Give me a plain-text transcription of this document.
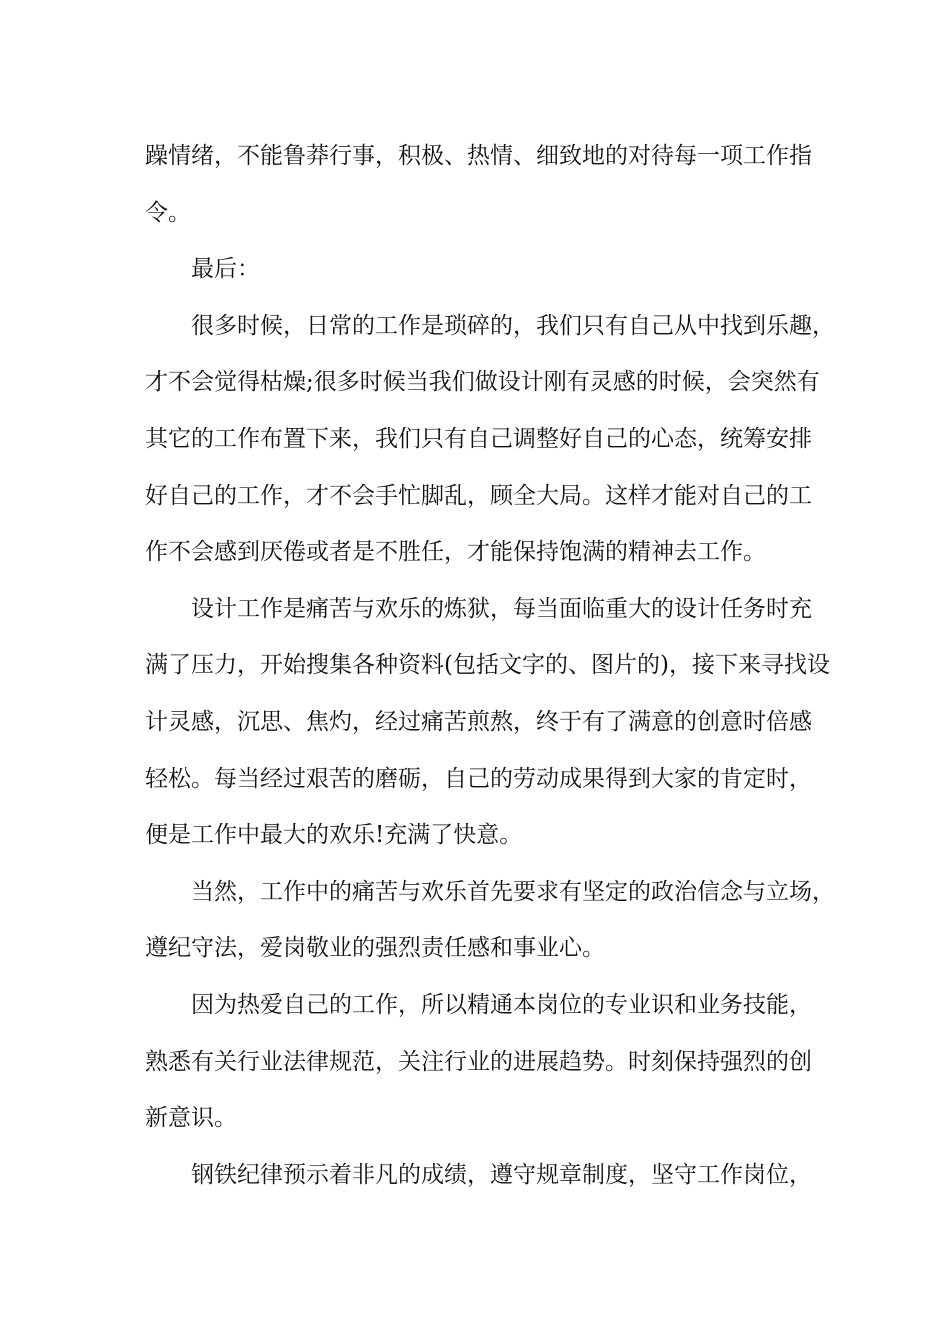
躁情绪，不能鲁莽行事，积极、热情、细致地的对待每一项工作指
令。
最后：
很多时候，日常的工作是琐碎的，我们只有自己从中找到乐趣，
才不会觉得枯燥;很多时候当我们做设计刚有灵感的时候，会突然有
其它的工作布置下来，我们只有自己调整好自己的心态，统筹安排
好自己的工作，才不会手忙脚乱，顾全大局。这样才能对自己的工
作不会感到厌倦或者是不胜任，才能保持饱满的精神去工作。
设计工作是痛苦与欢乐的炼狱，每当面临重大的设计任务时充
满了压力，开始搜集各种资料(包括文字的、图片的)，接下来寻找设
计灵感，沉思、焦灼，经过痛苦煎熬，终于有了满意的创意时倍感
轻松。每当经过艰苦的磨砺，自己的劳动成果得到大家的肯定时，
便是工作中最大的欢乐!充满了快意。
当然，工作中的痛苦与欢乐首先要求有坚定的政治信念与立场，
遵纪守法，爱岗敬业的强烈责任感和事业心。
因为热爱自己的工作，所以精通本岗位的专业识和业务技能，
熟悉有关行业法律规范，关注行业的进展趋势。时刻保持强烈的创
新意识。
钢铁纪律预示着非凡的成绩，遵守规章制度，坚守工作岗位，
